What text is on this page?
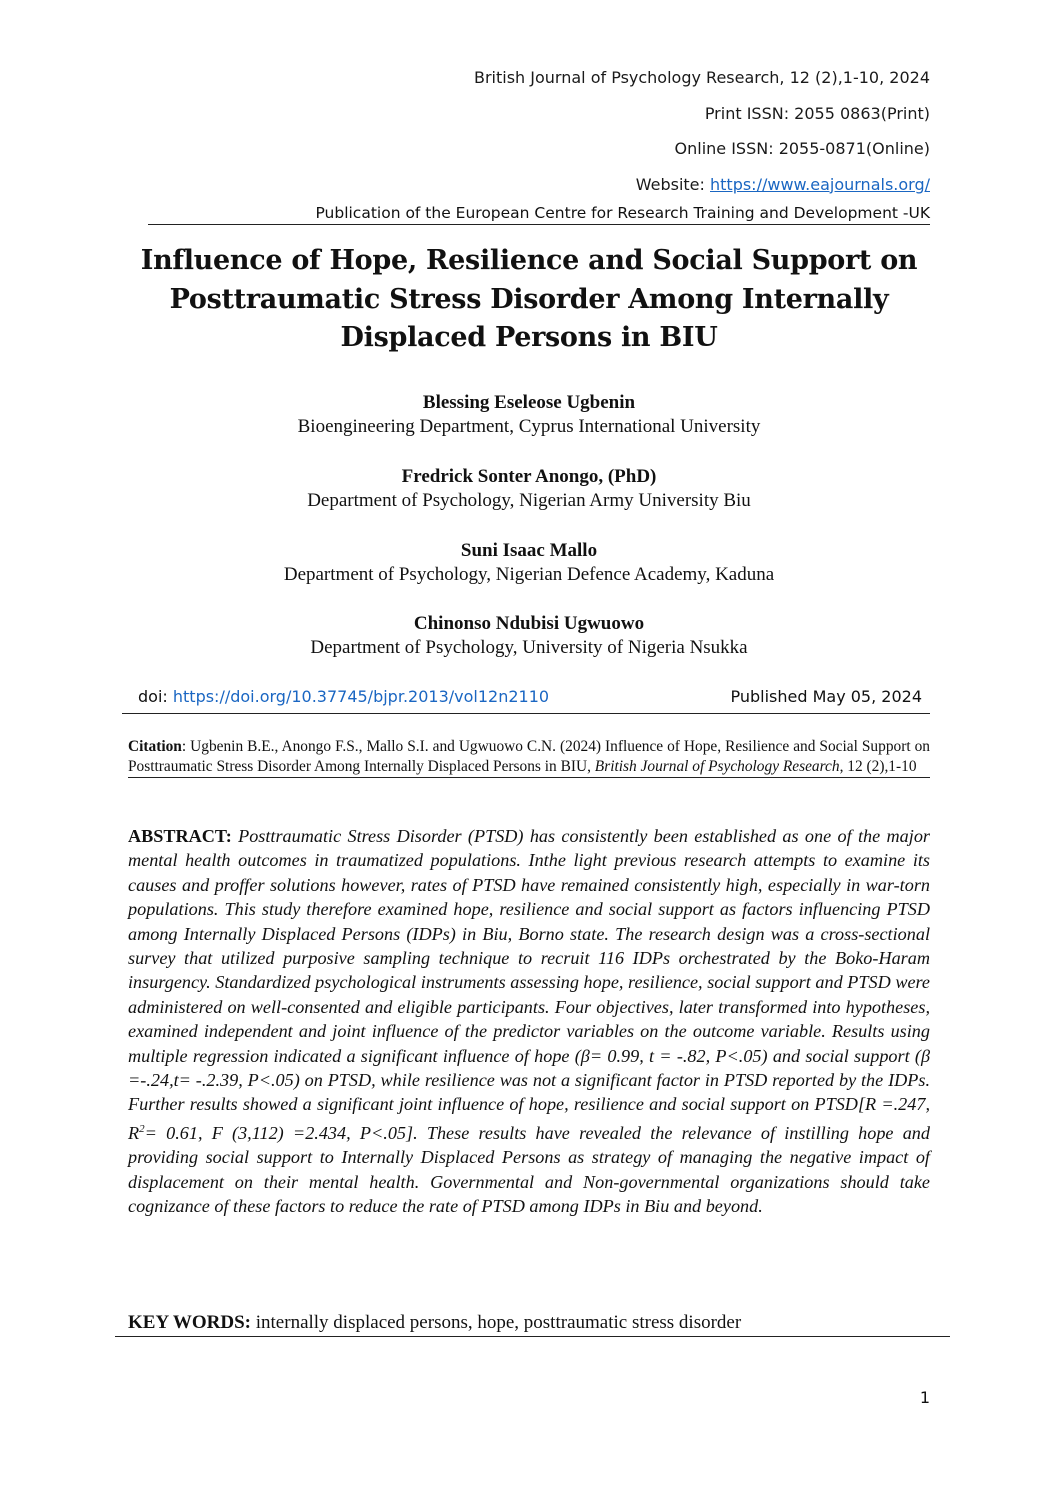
British Journal of Psychology Research, 12 (2),1-10, 2024
Print ISSN: 2055 0863(Print)
Online ISSN: 2055-0871(Online)
Website: https://www.eajournals.org/
Publication of the European Centre for Research Training and Development -UK
Influence of Hope, Resilience and Social Support on
Posttraumatic Stress Disorder Among Internally
Displaced Persons in BIU
Blessing Eseleose Ugbenin
Bioengineering Department, Cyprus International University
Fredrick Sonter Anongo, (PhD)
Department of Psychology, Nigerian Army University Biu
Suni Isaac Mallo
Department of Psychology, Nigerian Defence Academy, Kaduna
Chinonso Ndubisi Ugwuowo
Department of Psychology, University of Nigeria Nsukka
doi: https://doi.org/10.37745/bjpr.2013/vol12n2110	Published May 05, 2024
Citation: Ugbenin B.E., Anongo F.S., Mallo S.I. and Ugwuowo C.N. (2024) Influence of Hope, Resilience and Social Support on Posttraumatic Stress Disorder Among Internally Displaced Persons in BIU, British Journal of Psychology Research, 12 (2),1-10
ABSTRACT: Posttraumatic Stress Disorder (PTSD) has consistently been established as one of the major mental health outcomes in traumatized populations. Inthe light previous research attempts to examine its causes and proffer solutions however, rates of PTSD have remained consistently high, especially in war-torn populations. This study therefore examined hope, resilience and social support as factors influencing PTSD among Internally Displaced Persons (IDPs) in Biu, Borno state. The research design was a cross-sectional survey that utilized purposive sampling technique to recruit 116 IDPs orchestrated by the Boko-Haram insurgency. Standardized psychological instruments assessing hope, resilience, social support and PTSD were administered on well-consented and eligible participants. Four objectives, later transformed into hypotheses, examined independent and joint influence of the predictor variables on the outcome variable. Results using multiple regression indicated a significant influence of hope (β= 0.99, t = -.82, P<.05) and social support (β =-.24,t= -.2.39, P<.05) on PTSD, while resilience was not a significant factor in PTSD reported by the IDPs. Further results showed a significant joint influence of hope, resilience and social support on PTSD[R =.247, $R^2= 0.61$, F (3,112) =2.434, P<.05]. These results have revealed the relevance of instilling hope and providing social support to Internally Displaced Persons as strategy of managing the negative impact of displacement on their mental health. Governmental and Non-governmental organizations should take cognizance of these factors to reduce the rate of PTSD among IDPs in Biu and beyond.
KEY WORDS: internally displaced persons, hope, posttraumatic stress disorder
1
